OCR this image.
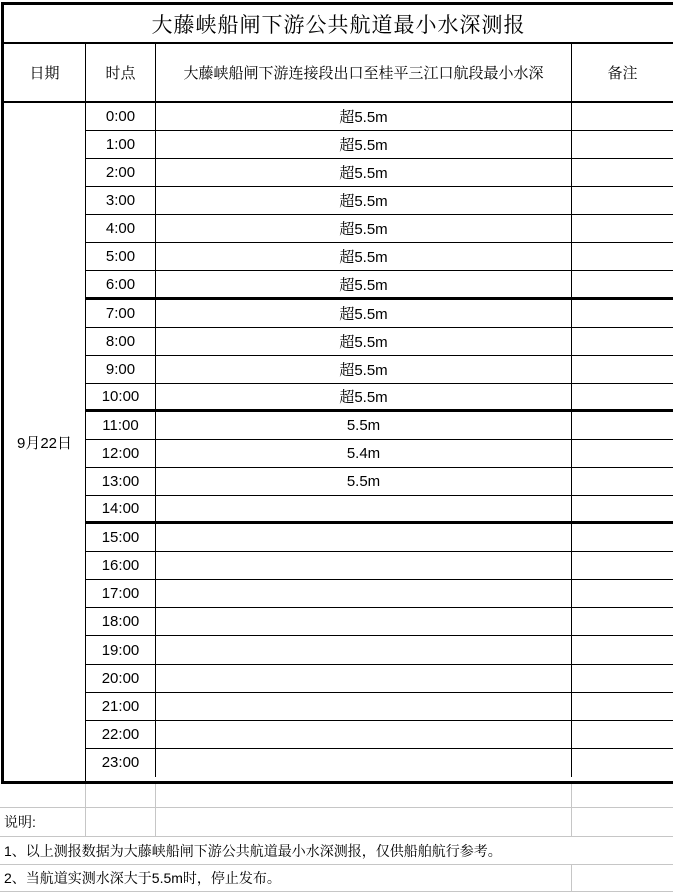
大藤峡船闸下游公共航道最小水深测报
日期	时点	大藤峡船闸下游连接段出口至桂平三江口航段最小水深	备注
9月22日
0:00	超5.5m
1:00	超5.5m
2:00	超5.5m
3:00	超5.5m
4:00	超5.5m
5:00	超5.5m
6:00	超5.5m
7:00	超5.5m
8:00	超5.5m
9:00	超5.5m
10:00	超5.5m
11:00	5.5m
12:00	5.4m
13:00	5.5m
14:00
15:00
16:00
17:00
18:00
19:00
20:00
21:00
22:00
23:00
说明:
1、以上测报数据为大藤峡船闸下游公共航道最小水深测报，仅供船舶航行参考。
2、当航道实测水深大于5.5m时，停止发布。
